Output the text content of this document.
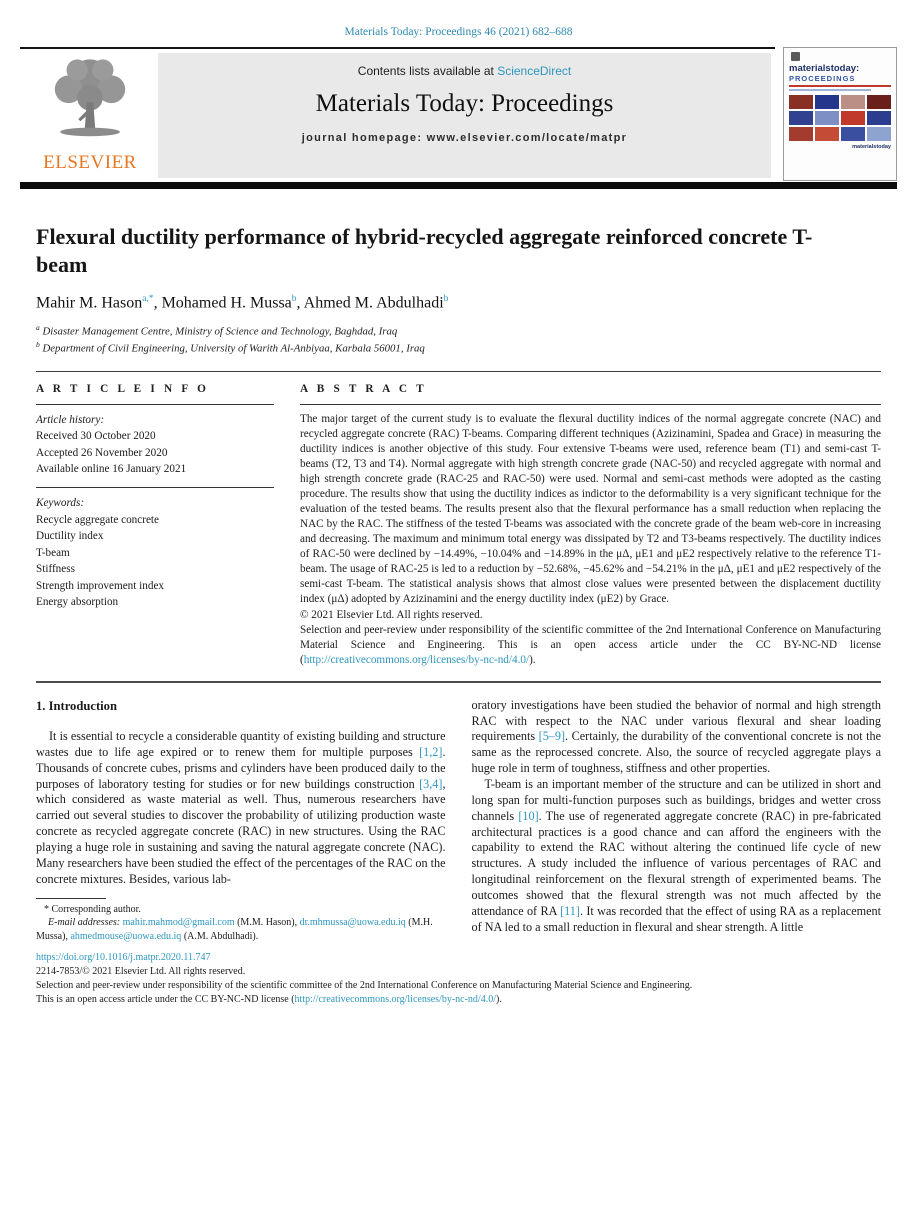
Materials Today: Proceedings 46 (2021) 682–688
ELSEVIER
Contents lists available at ScienceDirect
Materials Today: Proceedings
journal homepage: www.elsevier.com/locate/matpr
materialstoday:
PROCEEDINGS
materialstoday
Flexural ductility performance of hybrid-recycled aggregate reinforced concrete T-beam
Mahir M. Hason$^{a,*}$, Mohamed H. Mussa$^b$, Ahmed M. Abdulhadi$^b$
$^a$ Disaster Management Centre, Ministry of Science and Technology, Baghdad, Iraq
$^b$ Department of Civil Engineering, University of Warith Al-Anbiyaa, Karbala 56001, Iraq
A R T I C L E I N F O
Article history:
Received 30 October 2020
Accepted 26 November 2020
Available online 16 January 2021
Keywords:
Recycle aggregate concrete
Ductility index
T-beam
Stiffness
Strength improvement index
Energy absorption
A B S T R A C T
The major target of the current study is to evaluate the flexural ductility indices of the normal aggregate concrete (NAC) and recycled aggregate concrete (RAC) T-beams. Comparing different techniques (Azizinamini, Spadea and Grace) in measuring the ductility indices is another objective of this study. Four extensive T-beams were used, reference beam (T1) and semi-cast T-beams (T2, T3 and T4). Normal aggregate with high strength concrete grade (NAC-50) and recycled aggregate with normal and high strength concrete grade (RAC-25 and RAC-50) were used. Normal and semi-cast methods were adopted as the casting procedure. The results show that using the ductility indices as indictor to the deformability is a very significant technique for the evaluation of the tested beams. The results present also that the flexural performance has a small reduction when replacing the NAC by the RAC. The stiffness of the tested T-beams was associated with the concrete grade of the beam web-core in increasing and decreasing. The maximum and minimum total energy was dissipated by T2 and T3-beams respectively. The ductility indices of RAC-50 were declined by −14.49%, −10.04% and −14.89% in the μΔ, μE1 and μE2 respectively relative to the reference T1-beam. The usage of RAC-25 is led to a reduction by −52.68%, −45.62% and −54.21% in the μΔ, μE1 and μE2 respectively of the semi-cast T-beam. The statistical analysis shows that almost close values were presented between the displacement ductility index (μΔ) adopted by Azizinamini and the energy ductility index (μE2) by Grace.
© 2021 Elsevier Ltd. All rights reserved.
Selection and peer-review under responsibility of the scientific committee of the 2nd International Conference on Manufacturing Material Science and Engineering. This is an open access article under the CC BY-NC-ND license (http://creativecommons.org/licenses/by-nc-nd/4.0/).
1. Introduction

It is essential to recycle a considerable quantity of existing building and structure wastes due to life age expired or to renew them for multiple purposes [1,2]. Thousands of concrete cubes, prisms and cylinders have been produced daily to the purposes of laboratory testing for studies or for new buildings construction [3,4], which considered as waste material as well. Thus, numerous researchers have carried out several studies to discover the probability of utilizing production waste concrete as recycled aggregate concrete (RAC) in new structures. Using the RAC playing a huge role in sustaining and saving the natural aggregate concrete (NAC). Many researchers have been studied the effect of the percentages of the RAC on the concrete mixtures. Besides, various lab-

* Corresponding author.
E-mail addresses: mahir.mahmod@gmail.com (M.M. Hason), dr.mhmussa@uowa.edu.iq (M.H. Mussa), ahmedmouse@uowa.edu.iq (A.M. Abdulhadi).

oratory investigations have been studied the behavior of normal and high strength RAC with respect to the NAC under various flexural and shear loading requirements [5–9]. Certainly, the durability of the conventional concrete is not the same as the reprocessed concrete. Also, the source of recycled aggregate plays a huge role in term of toughness, stiffness and other properties.

T-beam is an important member of the structure and can be utilized in short and long span for multi-function purposes such as buildings, bridges and wetter cross channels [10]. The use of regenerated aggregate concrete (RAC) in pre-fabricated architectural practices is a good chance and can afford the engineers with the capability to extend the RAC without altering the continued life cycle of new structures. A study included the influence of various percentages of RAC and longitudinal reinforcement on the flexural strength of experimented beams. The outcomes showed that the flexural strength was not much affected by the attendance of RA [11]. It was recorded that the effect of using RA as a replacement of NA led to a small reduction in flexural and shear strength. A little

https://doi.org/10.1016/j.matpr.2020.11.747
2214-7853/© 2021 Elsevier Ltd. All rights reserved.
Selection and peer-review under responsibility of the scientific committee of the 2nd International Conference on Manufacturing Material Science and Engineering.
This is an open access article under the CC BY-NC-ND license (http://creativecommons.org/licenses/by-nc-nd/4.0/).
